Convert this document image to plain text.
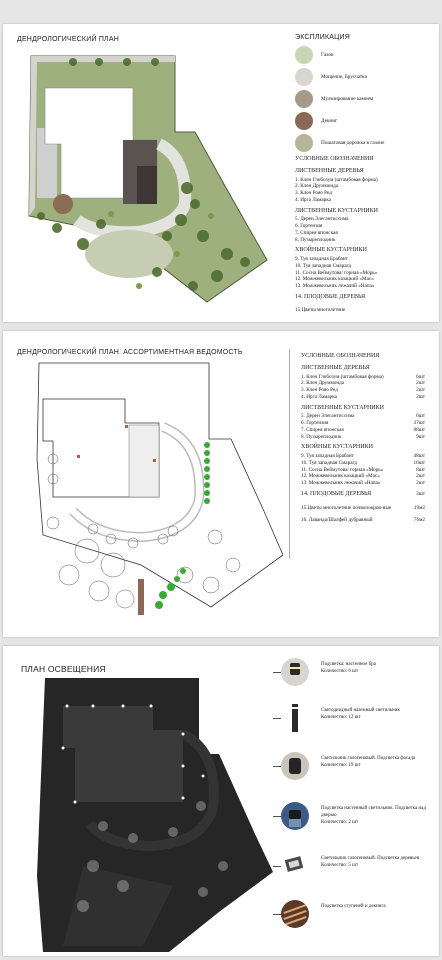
ДЕНДРОЛОГИЧЕСКИЙ ПЛАН	ЭКСПЛИКАЦИЯ
Газон
Мощение, Брусчатка
Мульчирование камнем
Декинг
Пошаговая дорожка в газоне
УСЛОВНЫЕ ОБОЗНАЧЕНИЯ
ЛИСТВЕННЫЕ ДЕРЕВЬЯ
1. Клен Глобозум (штамбовая форма)
2. Клен Друммонда
3. Клен Рояо Ред
4. Ирга Ламарка
ЛИСТВЕННЫЕ КУСТАРНИКИ
5. Дерен Элегантиссима
6. Гортензия
7. Спирея японская
8. Пузыреплодник
ХВОЙНЫЕ КУСТАРНИКИ
9. Туя западная Брабант
10. Туя западная Смарагд
11. Сосна Веймутова/ горная «Морь»
12. Можжевельник казацкий «Мас»
13. Можжевельник лежачий «Напа»
14. ПЛОДОВЫЕ ДЕРЕВЬЯ
15.Цветы многолетние
ДЕНДРОЛОГИЧЕСКИЙ ПЛАН. АССОРТИМЕНТНАЯ ВЕДОМОСТЬ	УСЛОВНЫЕ ОБОЗНАЧЕНИЯ
ЛИСТВЕННЫЕ ДЕРЕВЬЯ
1. Клен Глобозум (штамбовая форма)	6шт
2. Клен Друммонда	2шт
3. Клен Рояо Ред	2шт
4. Ирга Ламарка	2шт
ЛИСТВЕННЫЕ КУСТАРНИКИ
5. Дерен Элегантиссима	6шт
6. Гортензия	37шт
7. Спирея японская	88шт
8. Пузыреплодник	9шт
ХВОЙНЫЕ КУСТАРНИКИ
9. Туя западная Брабант	48шт
10. Туя западная Смарагд	16шт
11. Сосна Веймутова/ горная «Морь»	8шт
12. Можжевельник казацкий «Мас»	2шт
13. Можжевельник лежачий «Напа»	2шт
14. ПЛОДОВЫЕ ДЕРЕВЬЯ	3шт
15.Цветы многолетние почвопокров-ные	19м2
16. Лаванда/Шалфей дубравный	76м2
ПЛАН ОСВЕЩЕНИЯ	Подсветка: настенное бра
Количество: 6 шт
Светодиодный наземный светильник
Количество: 12 шт
Светильник галогеновый. Подсветка фасада
Количество: 19 шт
Подсветка настенный светильник. Подсветка над дверью
Количество: 2 шт
Светильник галогеновый. Подсветка деревьев
Количество: 5 шт
Подсветка ступеней и декинга
